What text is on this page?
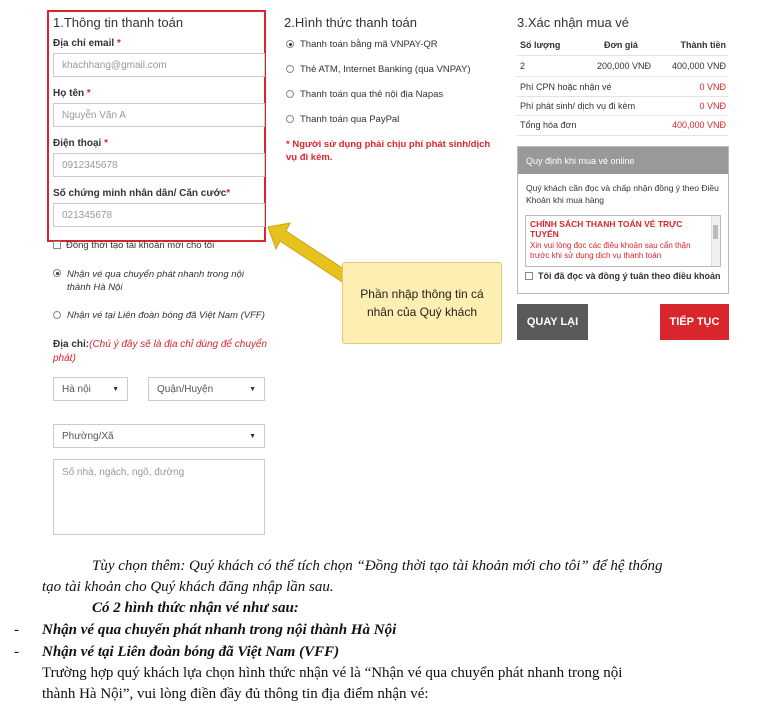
1.Thông tin thanh toán
Địa chỉ email *
khachhang@gmail.com
Họ tên *
Nguyễn Văn A
Điện thoại *
0912345678
Số chứng minh nhân dân/ Căn cước*
021345678
Đồng thời tạo tài khoản mới cho tôi
Nhận vé qua chuyển phát nhanh trong nội thành Hà Nội
Nhận vé tại Liên đoàn bóng đã Việt Nam (VFF)
Địa chỉ:(Chú ý đây sẽ là địa chỉ dùng để chuyển phát)
Hà nội	▼	Quận/Huyện	▼
Phường/Xã	▼
Số nhà, ngách, ngõ, đường
2.Hình thức thanh toán
Thanh toán bằng mã VNPAY-QR
Thẻ ATM, Internet Banking (qua VNPAY)
Thanh toán qua thẻ nội địa Napas
Thanh toán qua PayPal
* Người sử dụng phải chịu phí phát sinh/dịch vụ đi kèm.
3.Xác nhận mua vé
Số lượng	Đơn giá	Thành tiền
2	200,000 VNĐ 400,000 VNĐ
Phí CPN hoặc nhận vé	0 VNĐ
Phí phát sinh/ dịch vụ đi kèm	0 VNĐ
Tổng hóa đơn	400,000 VNĐ
Quy định khi mua vé online
Quý khách cần đọc và chấp nhận đồng ý theo Điều Khoản khi mua hàng
CHÍNH SÁCH THANH TOÁN VÉ TRỰC TUYẾN
Xin vui lòng đọc các điều khoản sau cẩn thận trước khi sử dụng dịch vụ thanh toán
Tôi đã đọc và đồng ý tuân theo điều khoản
QUAY LẠI	TIẾP TỤC
Phần nhập thông tin cá nhân của Quý khách

Tùy chọn thêm: Quý khách có thể tích chọn “Đồng thời tạo tài khoản mới cho tôi” để hệ thống

tạo tài khoản cho Quý khách đăng nhập lần sau.

Có 2 hình thức nhận vé như sau:

- Nhận vé qua chuyển phát nhanh trong nội thành Hà Nội

- Nhận vé tại Liên đoàn bóng đã Việt Nam (VFF)

Trường hợp quý khách lựa chọn hình thức nhận vé là “Nhận vé qua chuyển phát nhanh trong nội

thành Hà Nội”, vui lòng điền đầy đủ thông tin địa điểm nhận vé:
